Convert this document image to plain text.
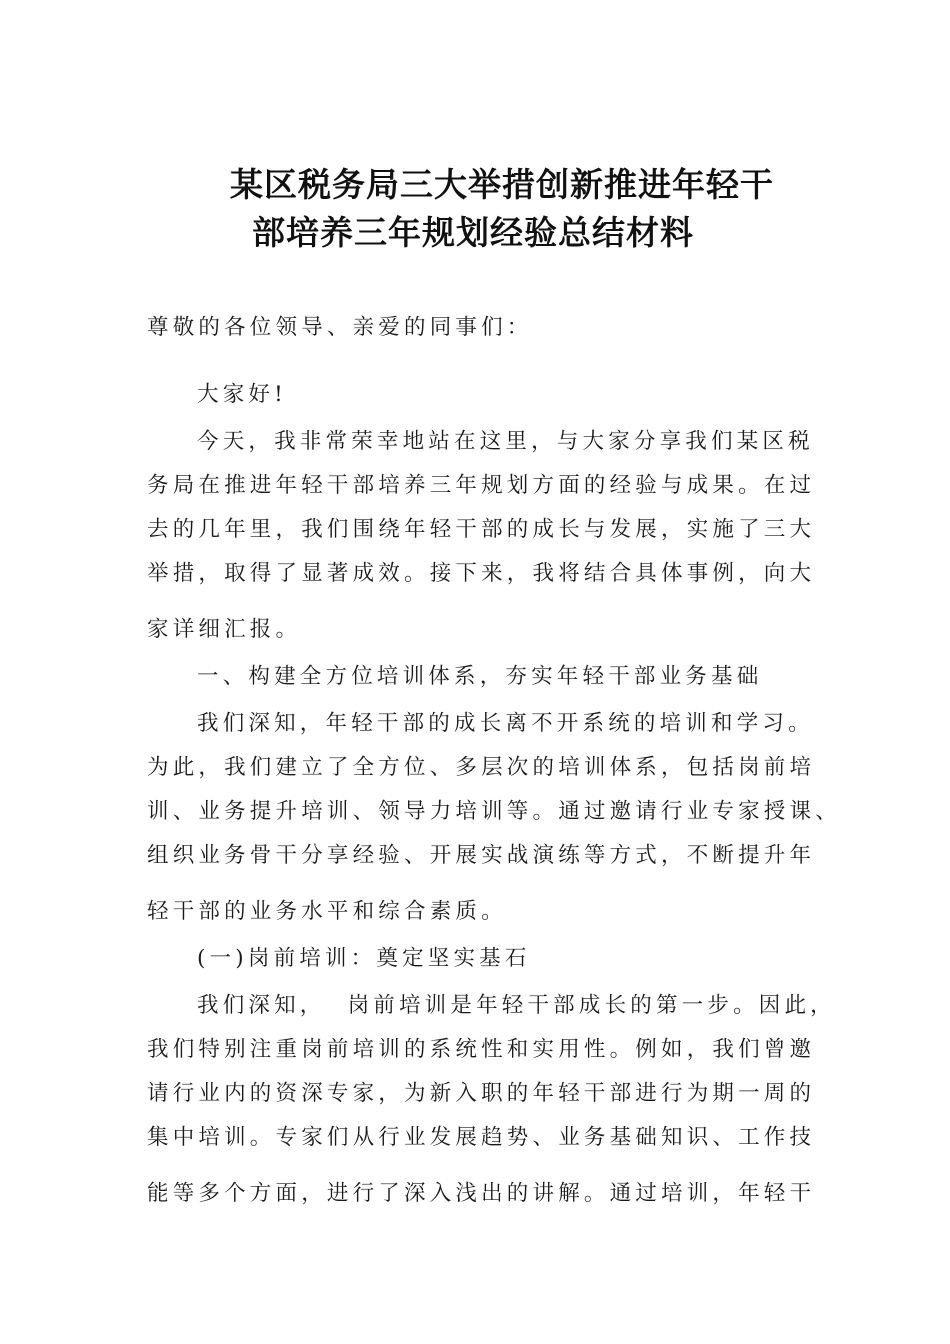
某区税务局三大举措创新推进年轻干
部培养三年规划经验总结材料
尊敬的各位领导、亲爱的同事们：
大家好!
今天，我非常荣幸地站在这里，与大家分享我们某区税
务局在推进年轻干部培养三年规划方面的经验与成果。在过
去的几年里，我们围绕年轻干部的成长与发展，实施了三大
举措，取得了显著成效。接下来，我将结合具体事例，向大
家详细汇报。
一、构建全方位培训体系，夯实年轻干部业务基础
我们深知，年轻干部的成长离不开系统的培训和学习。
为此，我们建立了全方位、多层次的培训体系，包括岗前培
训、业务提升培训、领导力培训等。通过邀请行业专家授课、
组织业务骨干分享经验、开展实战演练等方式，不断提升年
轻干部的业务水平和综合素质。
(一)岗前培训：奠定坚实基石
我们深知，  岗前培训是年轻干部成长的第一步。因此，
我们特别注重岗前培训的系统性和实用性。例如，我们曾邀
请行业内的资深专家，为新入职的年轻干部进行为期一周的
集中培训。专家们从行业发展趋势、业务基础知识、工作技
能等多个方面，进行了深入浅出的讲解。通过培训，年轻干
